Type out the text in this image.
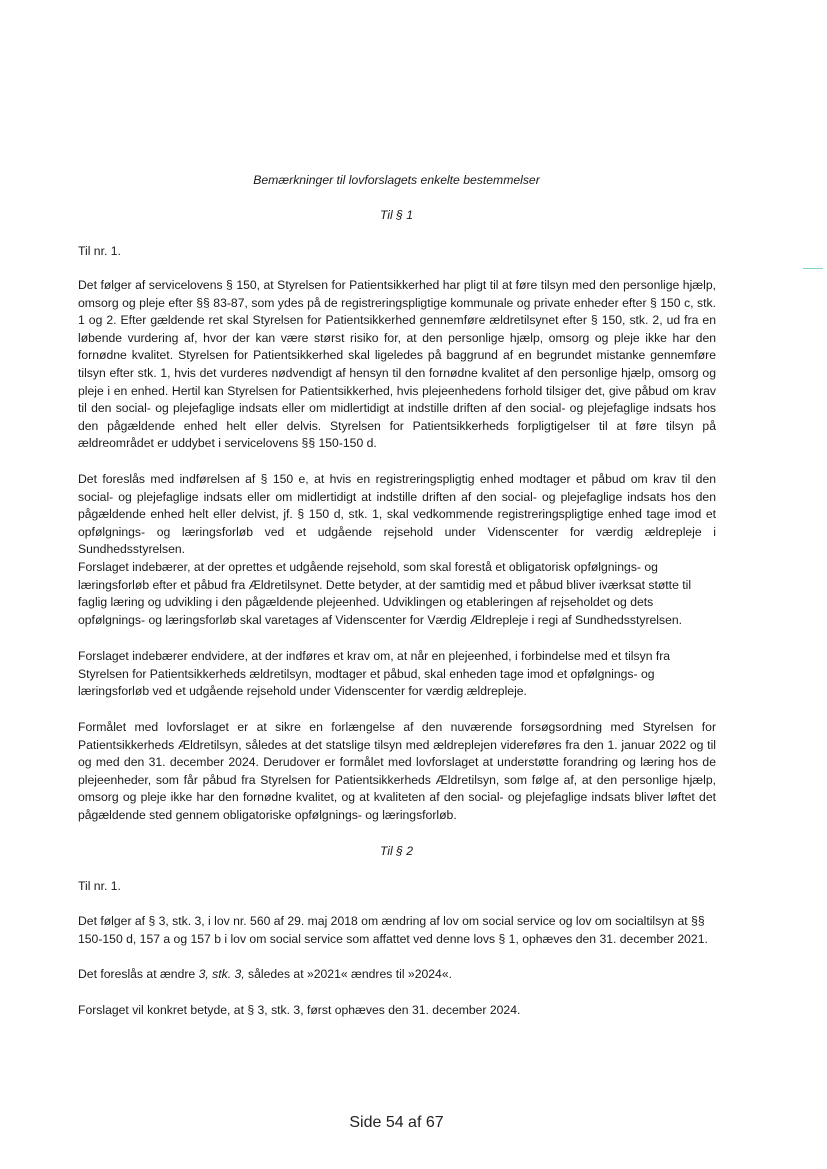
Bemærkninger til lovforslagets enkelte bestemmelser
Til § 1
Til nr. 1.
Det følger af servicelovens § 150, at Styrelsen for Patientsikkerhed har pligt til at føre tilsyn med den personlige hjælp, omsorg og pleje efter §§ 83-87, som ydes på de registreringspligtige kommunale og private enheder efter § 150 c, stk. 1 og 2. Efter gældende ret skal Styrelsen for Patientsikkerhed gennemføre ældretilsynet efter § 150, stk. 2, ud fra en løbende vurdering af, hvor der kan være størst risiko for, at den personlige hjælp, omsorg og pleje ikke har den fornødne kvalitet. Styrelsen for Patientsikkerhed skal ligeledes på baggrund af en begrundet mistanke gennemføre tilsyn efter stk. 1, hvis det vurderes nødvendigt af hensyn til den fornødne kvalitet af den personlige hjælp, omsorg og pleje i en enhed. Hertil kan Styrelsen for Patientsikkerhed, hvis plejeenhedens forhold tilsiger det, give påbud om krav til den social- og plejefaglige indsats eller om midlertidigt at indstille driften af den social- og plejefaglige indsats hos den pågældende enhed helt eller delvis. Styrelsen for Patientsikkerheds forpligtigelser til at føre tilsyn på ældreområdet er uddybet i servicelovens §§ 150-150 d.
Det foreslås med indførelsen af § 150 e, at hvis en registreringspligtig enhed modtager et påbud om krav til den social- og plejefaglige indsats eller om midlertidigt at indstille driften af den social- og plejefaglige indsats hos den pågældende enhed helt eller delvist, jf. § 150 d, stk. 1, skal vedkommende registreringspligtige enhed tage imod et opfølgnings- og læringsforløb ved et udgående rejsehold under Videnscenter for værdig ældrepleje i Sundhedsstyrelsen.
Forslaget indebærer, at der oprettes et udgående rejsehold, som skal forestå et obligatorisk opfølgnings- og læringsforløb efter et påbud fra Ældretilsynet. Dette betyder, at der samtidig med et påbud bliver iværksat støtte til faglig læring og udvikling i den pågældende plejeenhed. Udviklingen og etableringen af rejseholdet og dets opfølgnings- og læringsforløb skal varetages af Videnscenter for Værdig Ældrepleje i regi af Sundhedsstyrelsen.
Forslaget indebærer endvidere, at der indføres et krav om, at når en plejeenhed, i forbindelse med et tilsyn fra Styrelsen for Patientsikkerheds ældretilsyn, modtager et påbud, skal enheden tage imod et opfølgnings- og læringsforløb ved et udgående rejsehold under Videnscenter for værdig ældrepleje.
Formålet med lovforslaget er at sikre en forlængelse af den nuværende forsøgsordning med Styrelsen for Patientsikkerheds Ældretilsyn, således at det statslige tilsyn med ældreplejen videreføres fra den 1. januar 2022 og til og med den 31. december 2024. Derudover er formålet med lovforslaget at understøtte forandring og læring hos de plejeenheder, som får påbud fra Styrelsen for Patientsikkerheds Ældretilsyn, som følge af, at den personlige hjælp, omsorg og pleje ikke har den fornødne kvalitet, og at kvaliteten af den social- og plejefaglige indsats bliver løftet det pågældende sted gennem obligatoriske opfølgnings- og læringsforløb.
Til § 2
Til nr. 1.
Det følger af § 3, stk. 3, i lov nr. 560 af 29. maj 2018 om ændring af lov om social service og lov om socialtilsyn at §§ 150-150 d, 157 a og 157 b i lov om social service som affattet ved denne lovs § 1, ophæves den 31. december 2021.
Det foreslås at ændre 3, stk. 3, således at »2021« ændres til »2024«.
Forslaget vil konkret betyde, at § 3, stk. 3, først ophæves den 31. december 2024.
Side 54 af 67
